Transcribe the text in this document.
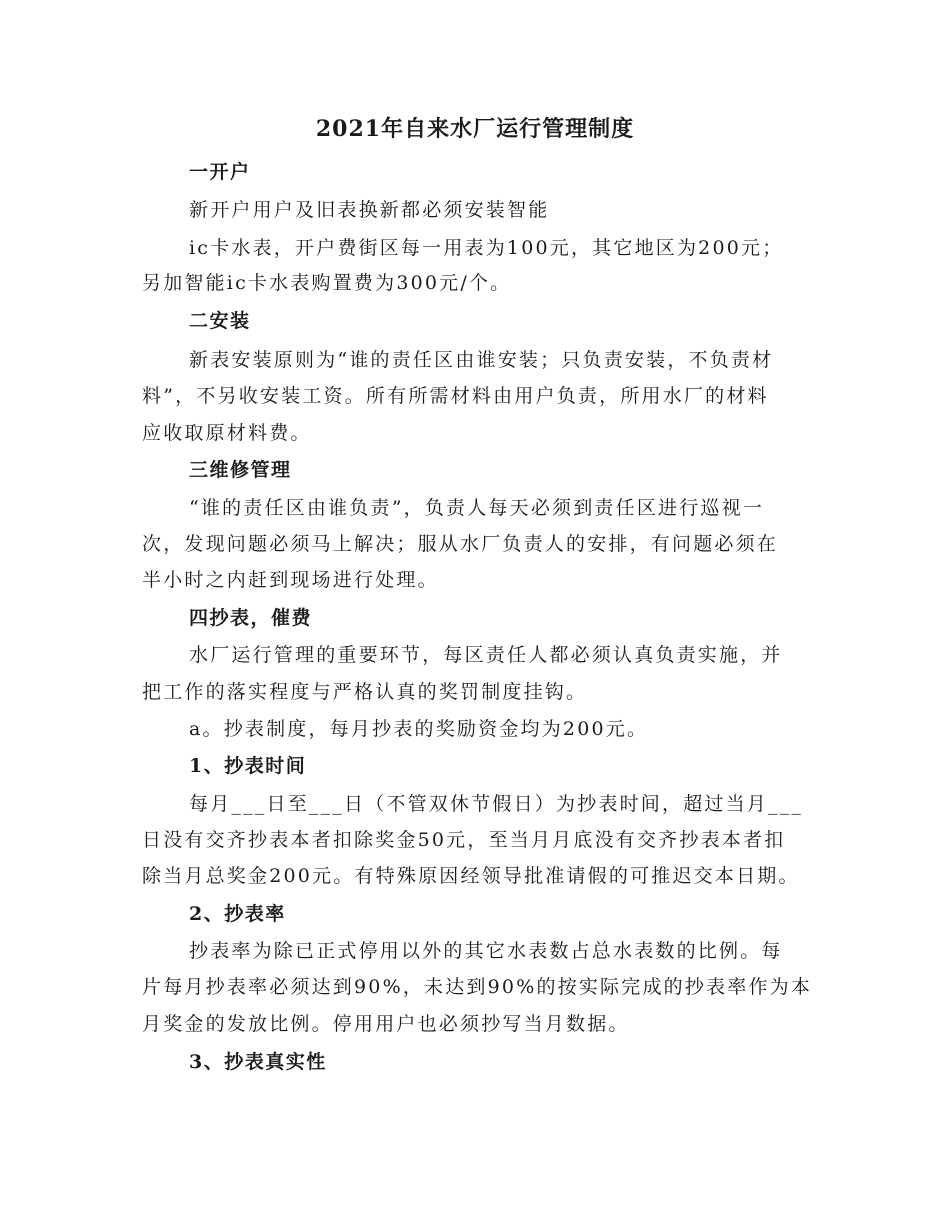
2021年自来水厂运行管理制度
一开户
新开户用户及旧表换新都必须安装智能
ic卡水表，开户费街区每一用表为100元，其它地区为200元；
另加智能ic卡水表购置费为300元/个。
二安装
新表安装原则为“谁的责任区由谁安装；只负责安装，不负责材
料”，不另收安装工资。所有所需材料由用户负责，所用水厂的材料
应收取原材料费。
三维修管理
“谁的责任区由谁负责”，负责人每天必须到责任区进行巡视一
次，发现问题必须马上解决；服从水厂负责人的安排，有问题必须在
半小时之内赶到现场进行处理。
四抄表，催费
水厂运行管理的重要环节，每区责任人都必须认真负责实施，并
把工作的落实程度与严格认真的奖罚制度挂钩。
a。抄表制度，每月抄表的奖励资金均为200元。
1、抄表时间
每月___日至___日（不管双休节假日）为抄表时间，超过当月___
日没有交齐抄表本者扣除奖金50元，至当月月底没有交齐抄表本者扣
除当月总奖金200元。有特殊原因经领导批准请假的可推迟交本日期。
2、抄表率
抄表率为除已正式停用以外的其它水表数占总水表数的比例。每
片每月抄表率必须达到90%，未达到90%的按实际完成的抄表率作为本
月奖金的发放比例。停用用户也必须抄写当月数据。
3、抄表真实性
